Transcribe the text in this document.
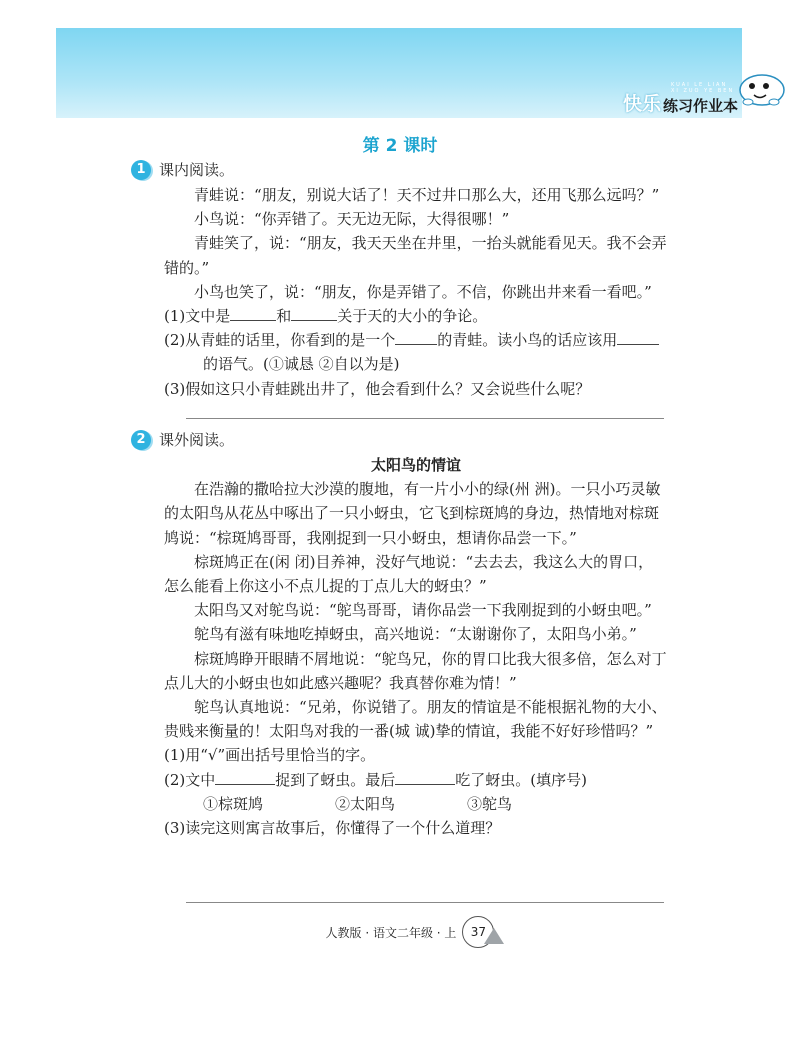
KUAI LE LIAN XI ZUO YE BEN
快乐 练习作业本
第 2 课时
1 课内阅读。

青蛙说：“朋友，别说大话了！天不过井口那么大，还用飞那么远吗？”

小鸟说：“你弄错了。天无边无际，大得很哪！”

青蛙笑了，说：“朋友，我天天坐在井里，一抬头就能看见天。我不会弄错的。”

小鸟也笑了，说：“朋友，你是弄错了。不信，你跳出井来看一看吧。”

(1)文中是	和	关于天的大小的争论。

(2)从青蛙的话里，你看到的是一个	的青蛙。读小鸟的话应该用的语气。(①诚恳 ②自以为是)

(3)假如这只小青蛙跳出井了，他会看到什么？又会说些什么呢？

2 课外阅读。

太阳鸟的情谊

在浩瀚的撒哈拉大沙漠的腹地，有一片小小的绿(州 洲)。一只小巧灵敏的太阳鸟从花丛中啄出了一只小蚜虫，它飞到棕斑鸠的身边，热情地对棕斑鸠说：“棕斑鸠哥哥，我刚捉到一只小蚜虫，想请你品尝一下。”

棕斑鸠正在(闲 闭)目养神，没好气地说：“去去去，我这么大的胃口，怎么能看上你这小不点儿捉的丁点儿大的蚜虫？”

太阳鸟又对鸵鸟说：“鸵鸟哥哥，请你品尝一下我刚捉到的小蚜虫吧。”

鸵鸟有滋有味地吃掉蚜虫，高兴地说：“太谢谢你了，太阳鸟小弟。”

棕斑鸠睁开眼睛不屑地说：“鸵鸟兄，你的胃口比我大很多倍，怎么对丁点儿大的小蚜虫也如此感兴趣呢？我真替你难为情！”

鸵鸟认真地说：“兄弟，你说错了。朋友的情谊是不能根据礼物的大小、贵贱来衡量的！太阳鸟对我的一番(城 诚)挚的情谊，我能不好好珍惜吗？”

(1)用“√”画出括号里恰当的字。

(2)文中	捉到了蚜虫。最后	吃了蚜虫。(填序号)

①棕斑鸠	②太阳鸟	③鸵鸟

(3)读完这则寓言故事后，你懂得了一个什么道理？

人教版 · 语文二年级 · 上	37
